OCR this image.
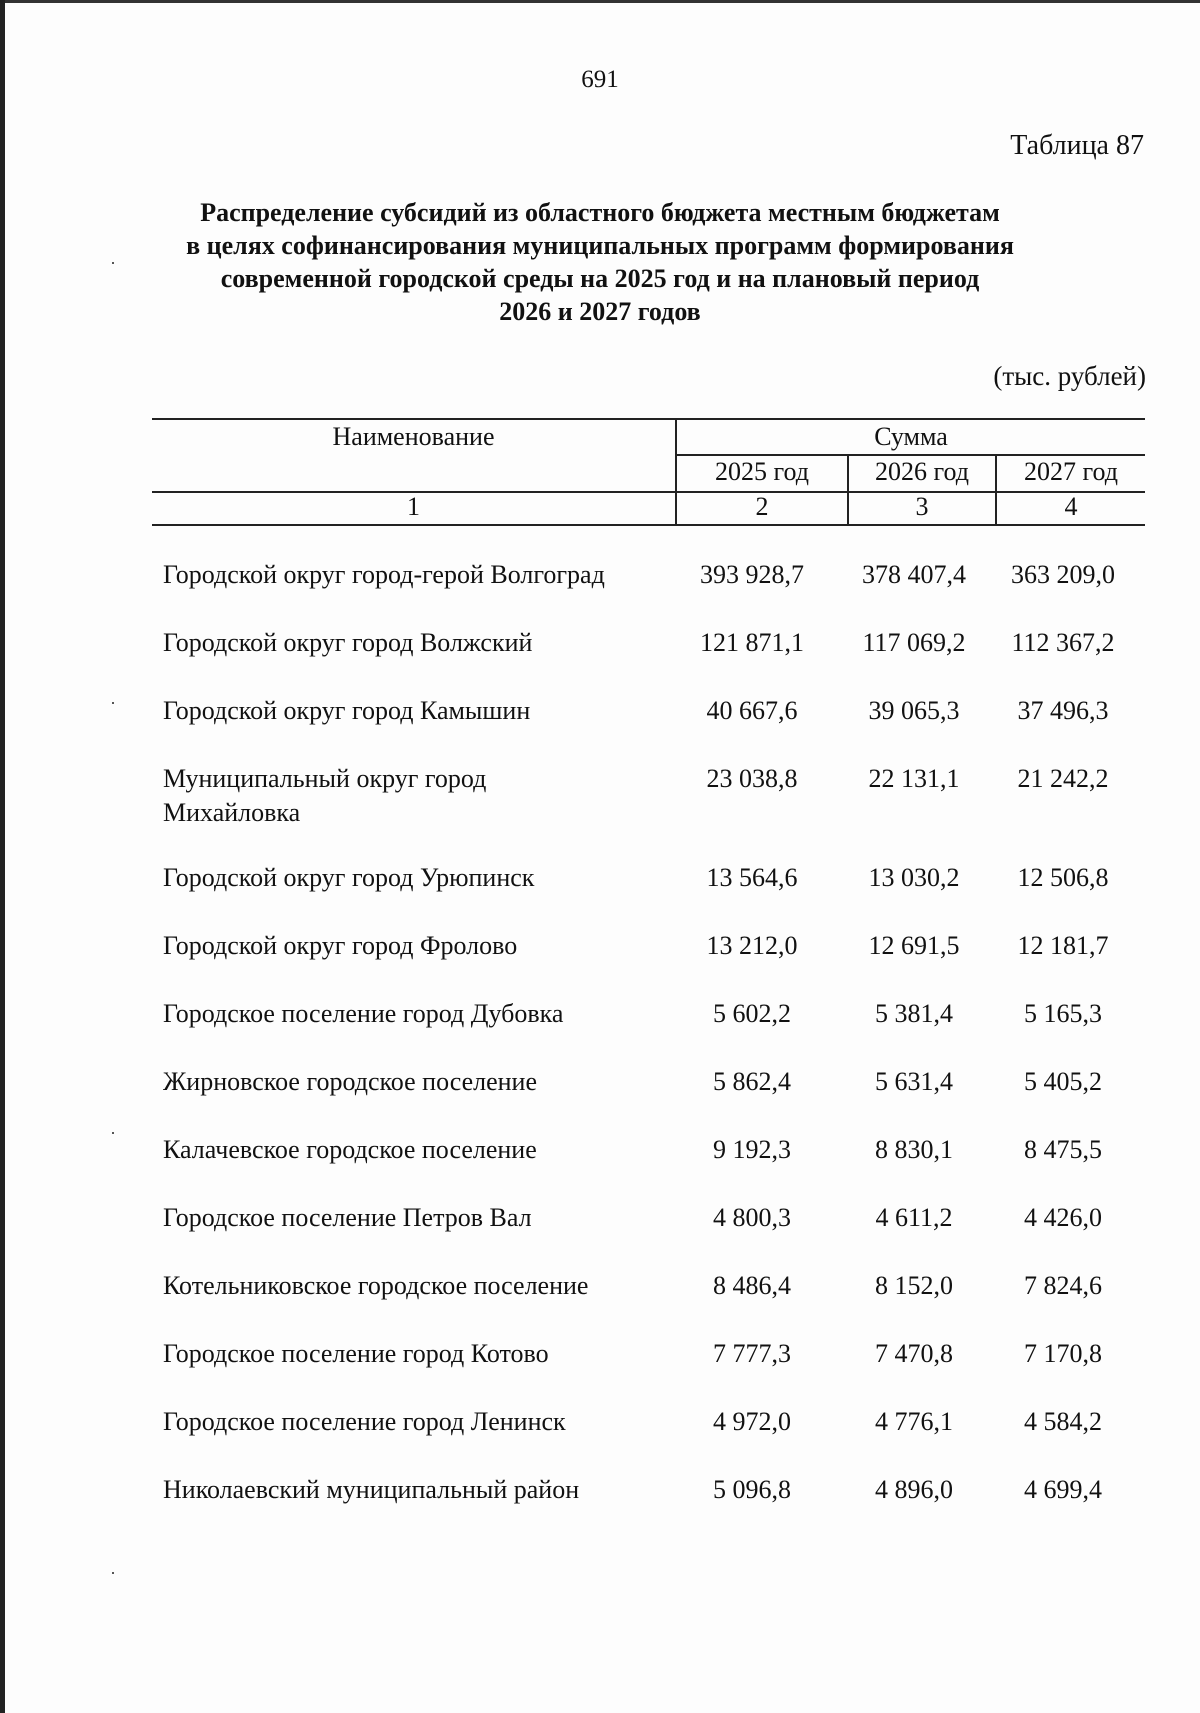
691
Таблица 87
Распределение субсидий из областного бюджета местным бюджетам
в целях софинансирования муниципальных программ формирования
современной городской среды на 2025 год и на плановый период
2026 и 2027 годов
(тыс. рублей)
Наименование	Сумма
2025 год	2026 год	2027 год
1	2	3	4
Городской округ город-герой Волгоград	393 928,7	378 407,4	363 209,0
Городской округ город Волжский	121 871,1	117 069,2	112 367,2
Городской округ город Камышин	40 667,6	39 065,3	37 496,3
Муниципальный округ город
Михайловка
23 038,8	22 131,1	21 242,2
Городской округ город Урюпинск	13 564,6	13 030,2	12 506,8
Городской округ город Фролово	13 212,0	12 691,5	12 181,7
Городское поселение город Дубовка	5 602,2	5 381,4	5 165,3
Жирновское городское поселение	5 862,4	5 631,4	5 405,2
Калачевское городское поселение	9 192,3	8 830,1	8 475,5
Городское поселение Петров Вал	4 800,3	4 611,2	4 426,0
Котельниковское городское поселение	8 486,4	8 152,0	7 824,6
Городское поселение город Котово	7 777,3	7 470,8	7 170,8
Городское поселение город Ленинск	4 972,0	4 776,1	4 584,2
Николаевский муниципальный район	5 096,8	4 896,0	4 699,4
